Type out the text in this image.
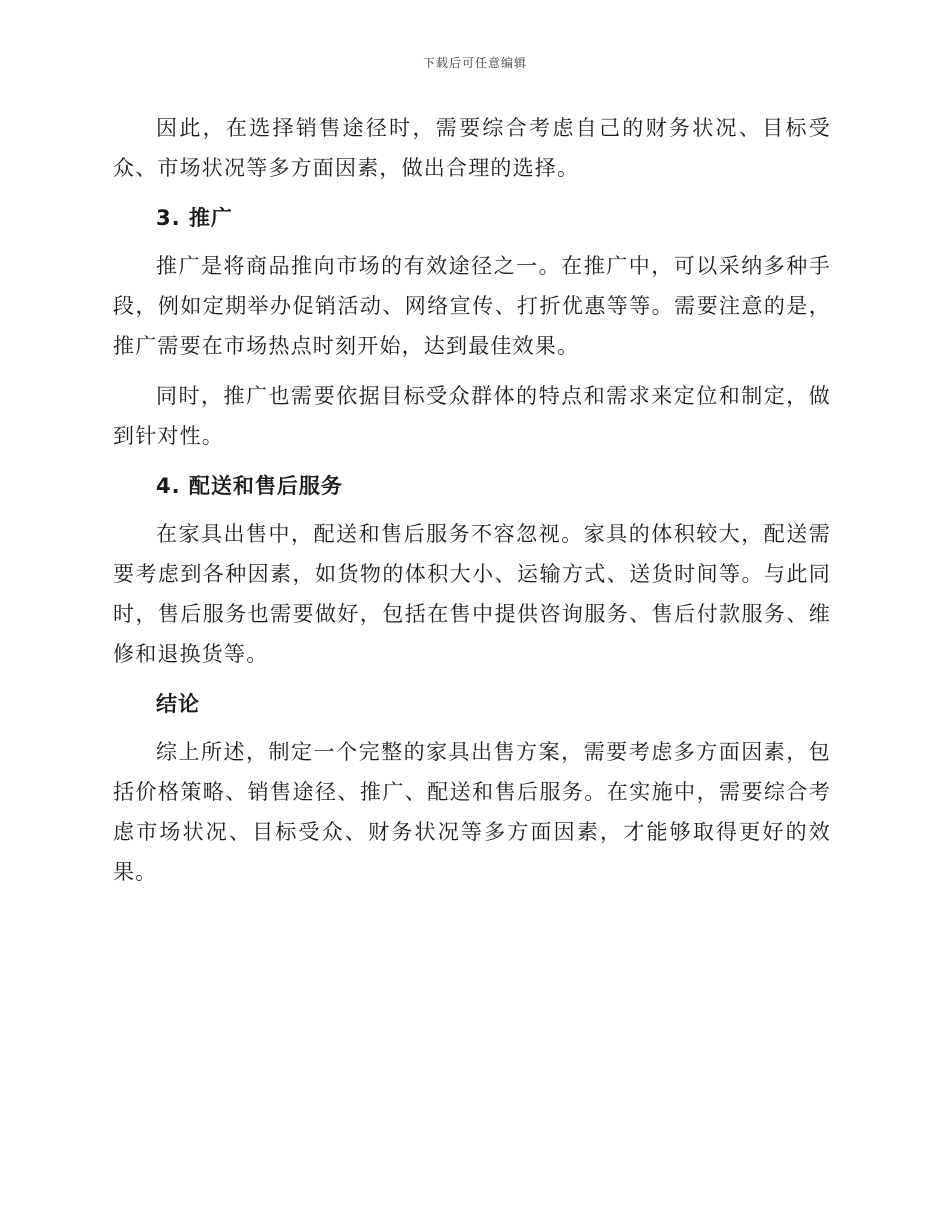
下载后可任意编辑

因此，在选择销售途径时，需要综合考虑自己的财务状况、目标受众、市场状况等多方面因素，做出合理的选择。

3. 推广

推广是将商品推向市场的有效途径之一。在推广中，可以采纳多种手段，例如定期举办促销活动、网络宣传、打折优惠等等。需要注意的是，推广需要在市场热点时刻开始，达到最佳效果。

同时，推广也需要依据目标受众群体的特点和需求来定位和制定，做到针对性。

4. 配送和售后服务

在家具出售中，配送和售后服务不容忽视。家具的体积较大，配送需要考虑到各种因素，如货物的体积大小、运输方式、送货时间等。与此同时，售后服务也需要做好，包括在售中提供咨询服务、售后付款服务、维修和退换货等。

结论

综上所述，制定一个完整的家具出售方案，需要考虑多方面因素，包括价格策略、销售途径、推广、配送和售后服务。在实施中，需要综合考虑市场状况、目标受众、财务状况等多方面因素，才能够取得更好的效果。
